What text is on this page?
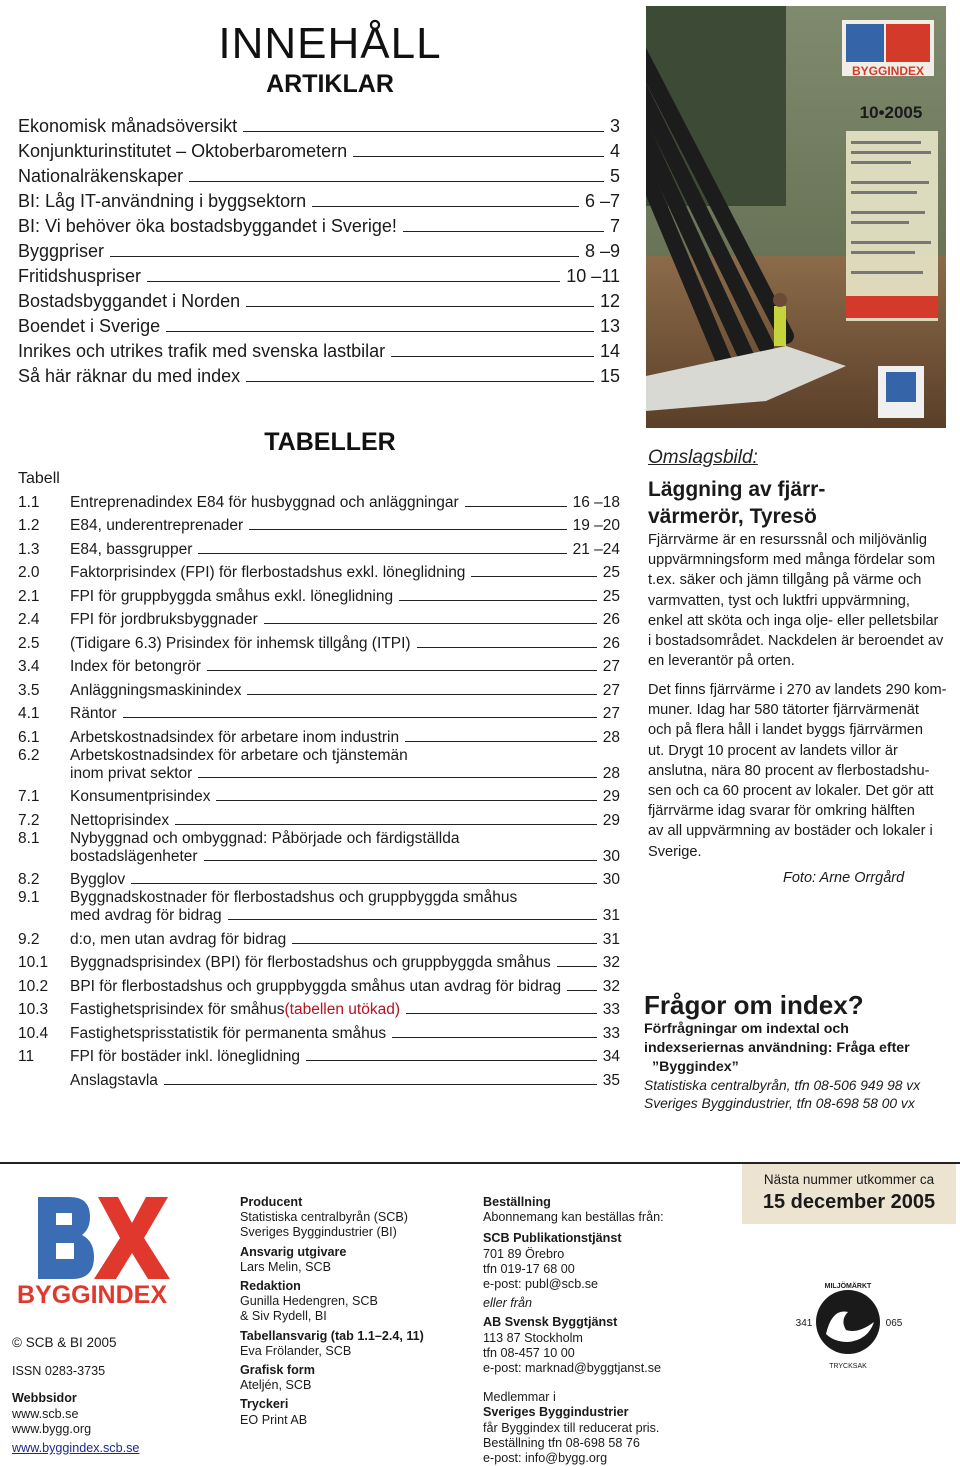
INNEHÅLL
ARTIKLAR
Ekonomisk månadsöversikt	3
Konjunkturinstitutet – Oktoberbarometern	4
Nationalräkenskaper	5
BI: Låg IT-användning i byggsektorn	6 –7
BI: Vi behöver öka bostadsbyggandet i Sverige!	7
Byggpriser	8 –9
Fritidshuspriser	10 –11
Bostadsbyggandet i Norden	12
Boendet i Sverige	13
Inrikes och utrikes trafik med svenska lastbilar	14
Så här räknar du med index	15
TABELLER
Tabell
1.1	Entreprenadindex E84 för husbyggnad och anläggningar	16 –18
1.2	E84, underentreprenader	19 –20
1.3	E84, bassgrupper	21 –24
2.0	Faktorprisindex (FPI) för flerbostadshus exkl. löneglidning	25
2.1	FPI för gruppbyggda småhus exkl. löneglidning	25
2.4	FPI för jordbruksbyggnader	26
2.5	(Tidigare 6.3) Prisindex för inhemsk tillgång (ITPI)	26
3.4	Index för betongrör	27
3.5	Anläggningsmaskinindex	27
4.1	Räntor	27
6.1	Arbetskostnadsindex för arbetare inom industrin	28
6.2	Arbetskostnadsindex för arbetare och tjänstemän
inom privat sektor	28
7.1	Konsumentprisindex	29
7.2	Nettoprisindex	29
8.1	Nybyggnad och ombyggnad: Påbörjade och färdigställda
bostadslägenheter	30
8.2	Bygglov	30
9.1	Byggnadskostnader för flerbostadshus och gruppbyggda småhus
med avdrag för bidrag	31
9.2	d:o, men utan avdrag för bidrag	31
10.1	Byggnadsprisindex (BPI) för flerbostadshus och gruppbyggda småhus	32
10.2	BPI för flerbostadshus och gruppbyggda småhus utan avdrag för bidrag	32
10.3	Fastighetsprisindex för småhus (tabellen utökad)	33
10.4	Fastighetsprisstatistik för permanenta småhus	33
11	FPI för bostäder inkl. löneglidning	34
Anslagstavla	35
BYGGINDEX
10•2005
Omslagsbild:
Läggning av fjärr-
värmerör, Tyresö
Fjärrvärme är en resurssnål och miljövänlig
uppvärmningsform med många fördelar som
t.ex. säker och jämn tillgång på värme och
varmvatten, tyst och luktfri uppvärmning,
enkel att sköta och inga olje- eller pelletsbilar
i bostadsområdet. Nackdelen är beroendet av
en leverantör på orten.
Det finns fjärrvärme i 270 av landets 290 kom-
muner. Idag har 580 tätorter fjärrvärmenät
och på flera håll i landet byggs fjärrvärmen
ut. Drygt 10 procent av landets villor är
anslutna, nära 80 procent av flerbostadshu-
sen och ca 60 procent av lokaler. Det gör att
fjärrvärme idag svarar för omkring hälften
av all uppvärmning av bostäder och lokaler i
Sverige.
Foto: Arne Orrgård
Frågor om index?
Förfrågningar om indextal och
indexseriernas användning: Fråga efter
”Byggindex”
Statistiska centralbyrån, tfn 08-506 949 98 vx
Sveriges Byggindustrier, tfn 08-698 58 00 vx
Nästa nummer utkommer ca
15 december 2005
BYGGINDEX
© SCB & BI 2005
ISSN 0283-3735
Webbsidor
www.scb.se
www.bygg.org
www.byggindex.scb.se
Producent
Statistiska centralbyrån (SCB)
Sveriges Byggindustrier (BI)
Ansvarig utgivare
Lars Melin, SCB
Redaktion
Gunilla Hedengren, SCB
& Siv Rydell, BI
Tabellansvarig (tab 1.1–2.4, 11)
Eva Frölander, SCB
Grafisk form
Ateljén, SCB
Tryckeri
EO Print AB
Beställning
Abonnemang kan beställas från:
SCB Publikationstjänst
701 89 Örebro
tfn 019-17 68 00
e-post: publ@scb.se
eller från
AB Svensk Byggtjänst
113 87 Stockholm
tfn 08-457 10 00
e-post: marknad@byggtjanst.se
Medlemmar i
Sveriges Byggindustrier
får Byggindex till reducerat pris.
Beställning tfn 08-698 58 76
e-post: info@bygg.org
MILJÖMÄRKT
341	065
TRYCKSAK
